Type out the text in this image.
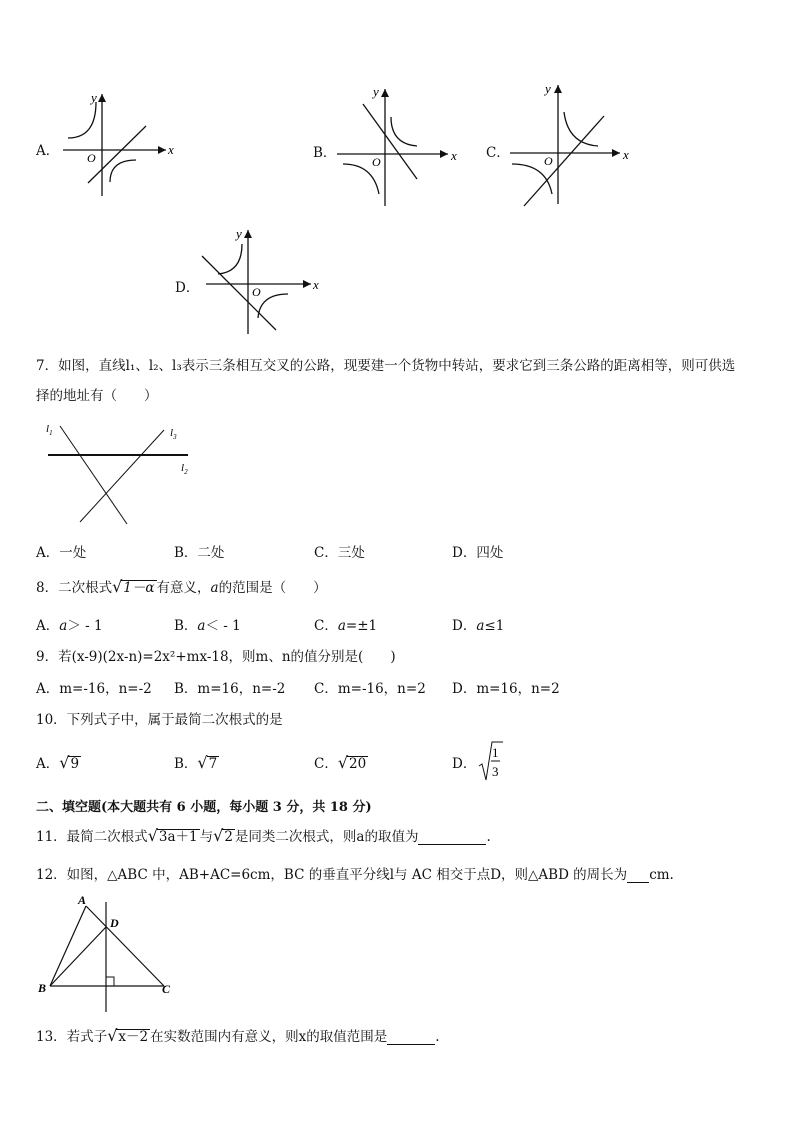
A．	x
y
O	B．	x
y
O
C．	x
y
O
D．	x
y
O
7．如图，直线l₁、l₂、l₃表示三条相互交叉的公路，现要建一个货物中转站，要求它到三条公路的距离相等，则可供选
择的地址有（　　）
$l_1$
$l_2$
$l_3$
A．一处	B．二处	C．三处	D．四处
8．二次根式√1－α 有意义，a的范围是（　　）
A．a＞ - 1	B．a＜ - 1	C．a=±1	D．a≤1
9．若(x-9)(2x-n)=2x²+mx-18，则m、n的值分别是(　　)
A．m=-16，n=-2 B．m=16，n=-2 C．m=-16，n=2 D．m=16，n=2
10．下列式子中，属于最简二次根式的是
A．√9	B．√7	C．√20	D．
1
3
二、填空题(本大题共有 6 小题，每小题 3 分，共 18 分)
11．最简二次根式√3a＋1 与√2 是同类二次根式，则a的取值为	.
12．如图，△ABC 中，AB+AC=6cm，BC 的垂直平分线l与 AC 相交于点D，则△ABD 的周长为 cm.
A
B	C
D
13．若式子√x－2 在实数范围内有意义，则x的取值范围是	.
